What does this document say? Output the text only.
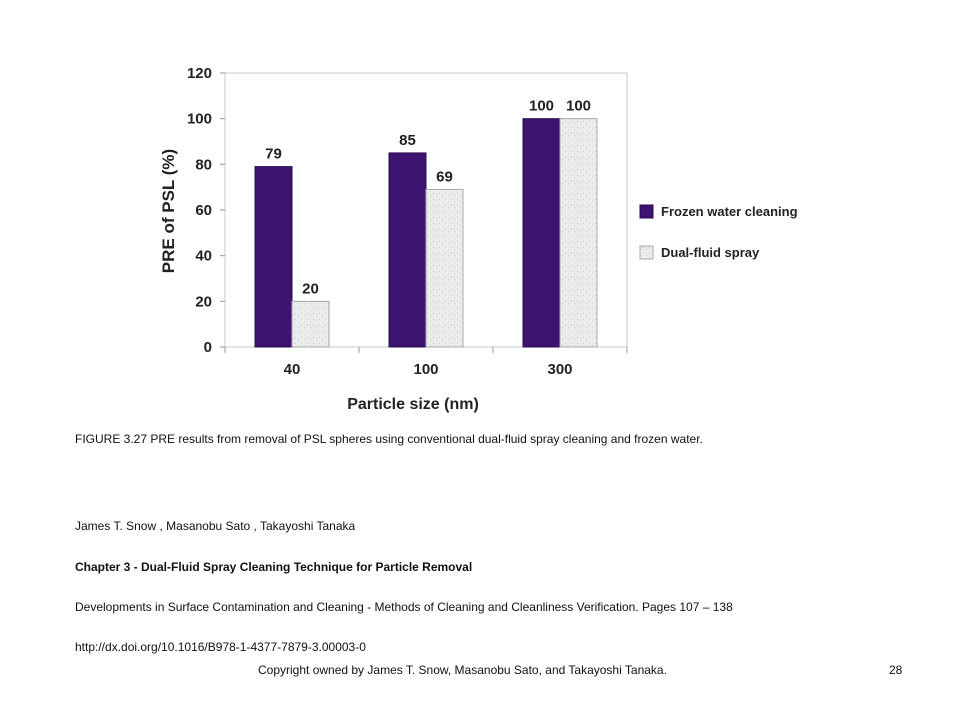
0
20
40
60
80
100
120
79
20
40
85
69
100
100 100
300
Particle size (nm)
PRE of PSL (%)	Frozen water cleaning
Dual-fluid spray
FIGURE 3.27 PRE results from removal of PSL spheres using conventional dual-fluid spray cleaning and frozen water.
James T. Snow , Masanobu Sato , Takayoshi Tanaka
Chapter 3 - Dual-Fluid Spray Cleaning Technique for Particle Removal
Developments in Surface Contamination and Cleaning - Methods of Cleaning and Cleanliness Verification. Pages 107 – 138
http://dx.doi.org/10.1016/B978-1-4377-7879-3.00003-0
Copyright owned by James T. Snow, Masanobu Sato, and Takayoshi Tanaka.	28
